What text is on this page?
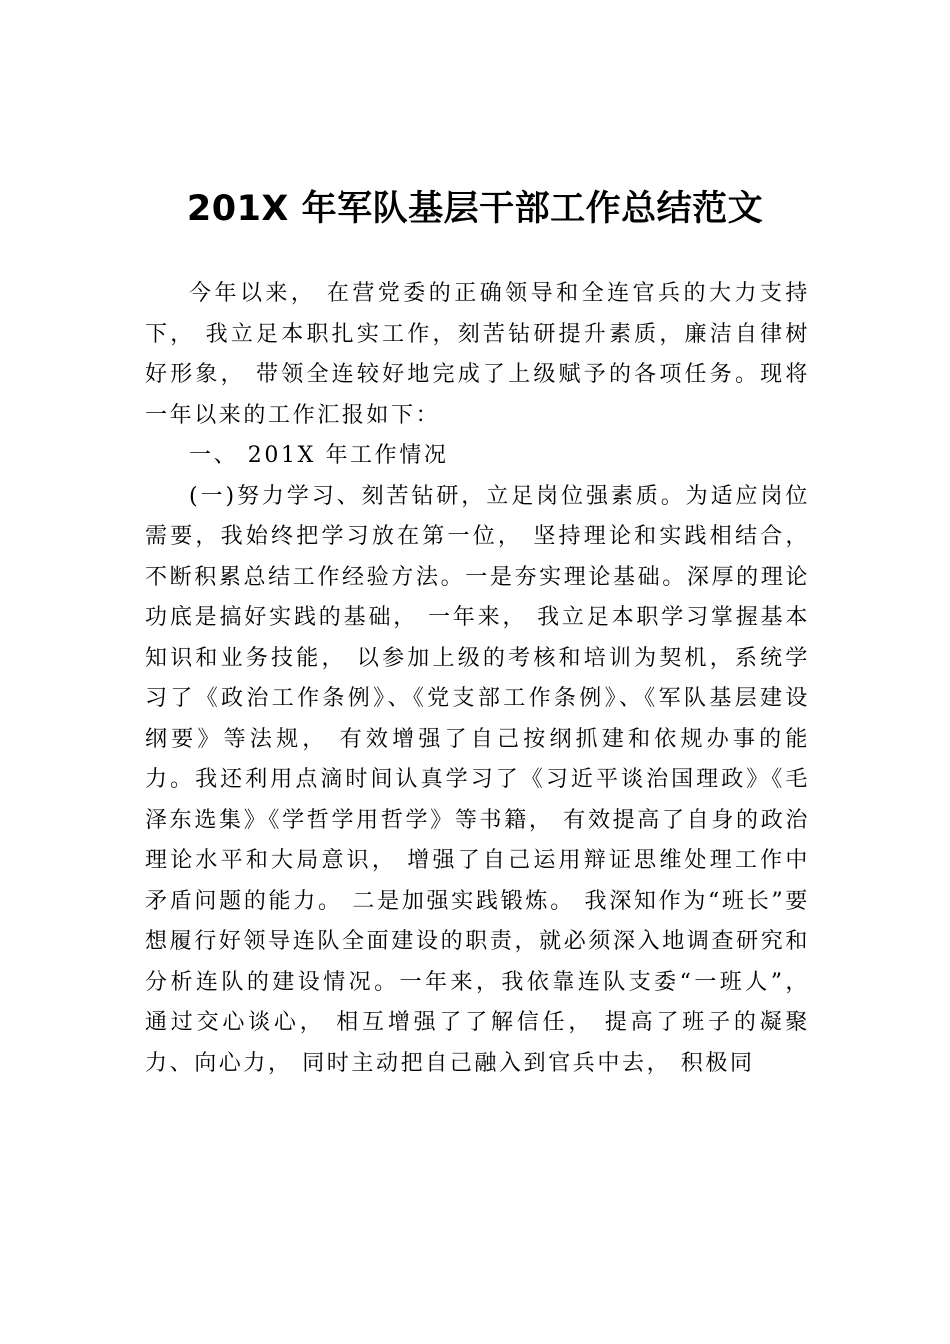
201X 年军队基层干部工作总结范文

今年以来， 在营党委的正确领导和全连官兵的大力支持下， 我立足本职扎实工作，刻苦钻研提升素质，廉洁自律树好形象， 带领全连较好地完成了上级赋予的各项任务。现将一年以来的工作汇报如下：

一、 201X 年工作情况

(一)努力学习、刻苦钻研，立足岗位强素质。为适应岗位需要，我始终把学习放在第一位， 坚持理论和实践相结合， 不断积累总结工作经验方法。一是夯实理论基础。深厚的理论功底是搞好实践的基础， 一年来， 我立足本职学习掌握基本知识和业务技能， 以参加上级的考核和培训为契机，系统学习了《政治工作条例》、《党支部工作条例》、《军队基层建设纲要》等法规， 有效增强了自己按纲抓建和依规办事的能力。我还利用点滴时间认真学习了《习近平谈治国理政》《毛泽东选集》《学哲学用哲学》等书籍， 有效提高了自身的政治理论水平和大局意识， 增强了自己运用辩证思维处理工作中矛盾问题的能力。 二是加强实践锻炼。 我深知作为“班长”要想履行好领导连队全面建设的职责，就必须深入地调查研究和分析连队的建设情况。一年来，我依靠连队支委“一班人”，通过交心谈心， 相互增强了了解信任， 提高了班子的凝聚力、向心力， 同时主动把自己融入到官兵中去， 积极同
